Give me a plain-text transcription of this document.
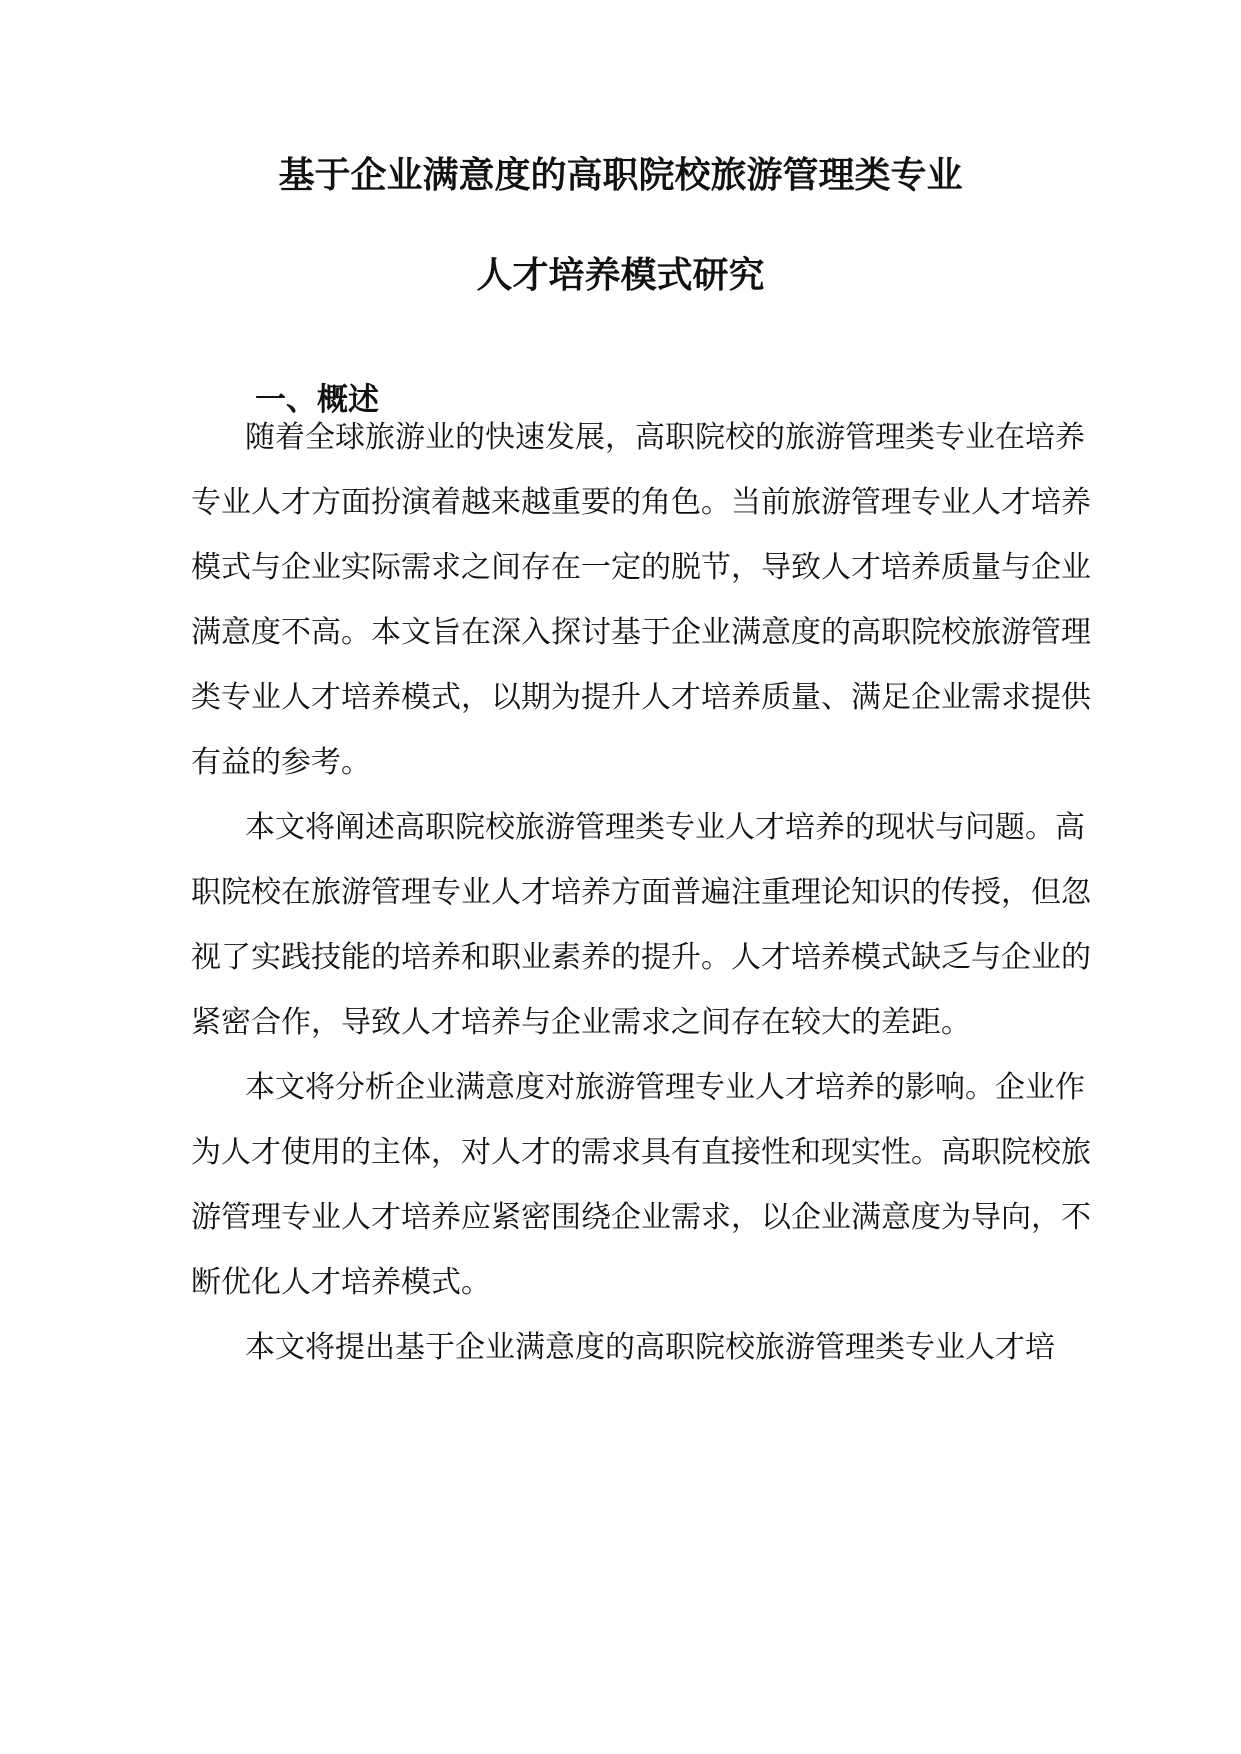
基于企业满意度的高职院校旅游管理类专业
人才培养模式研究
一、概述

随着全球旅游业的快速发展，高职院校的旅游管理类专业在培养

专业人才方面扮演着越来越重要的角色。当前旅游管理专业人才培养

模式与企业实际需求之间存在一定的脱节，导致人才培养质量与企业

满意度不高。本文旨在深入探讨基于企业满意度的高职院校旅游管理

类专业人才培养模式，以期为提升人才培养质量、满足企业需求提供

有益的参考。

本文将阐述高职院校旅游管理类专业人才培养的现状与问题。高

职院校在旅游管理专业人才培养方面普遍注重理论知识的传授，但忽

视了实践技能的培养和职业素养的提升。人才培养模式缺乏与企业的

紧密合作，导致人才培养与企业需求之间存在较大的差距。

本文将分析企业满意度对旅游管理专业人才培养的影响。企业作

为人才使用的主体，对人才的需求具有直接性和现实性。高职院校旅

游管理专业人才培养应紧密围绕企业需求，以企业满意度为导向，不

断优化人才培养模式。

本文将提出基于企业满意度的高职院校旅游管理类专业人才培
